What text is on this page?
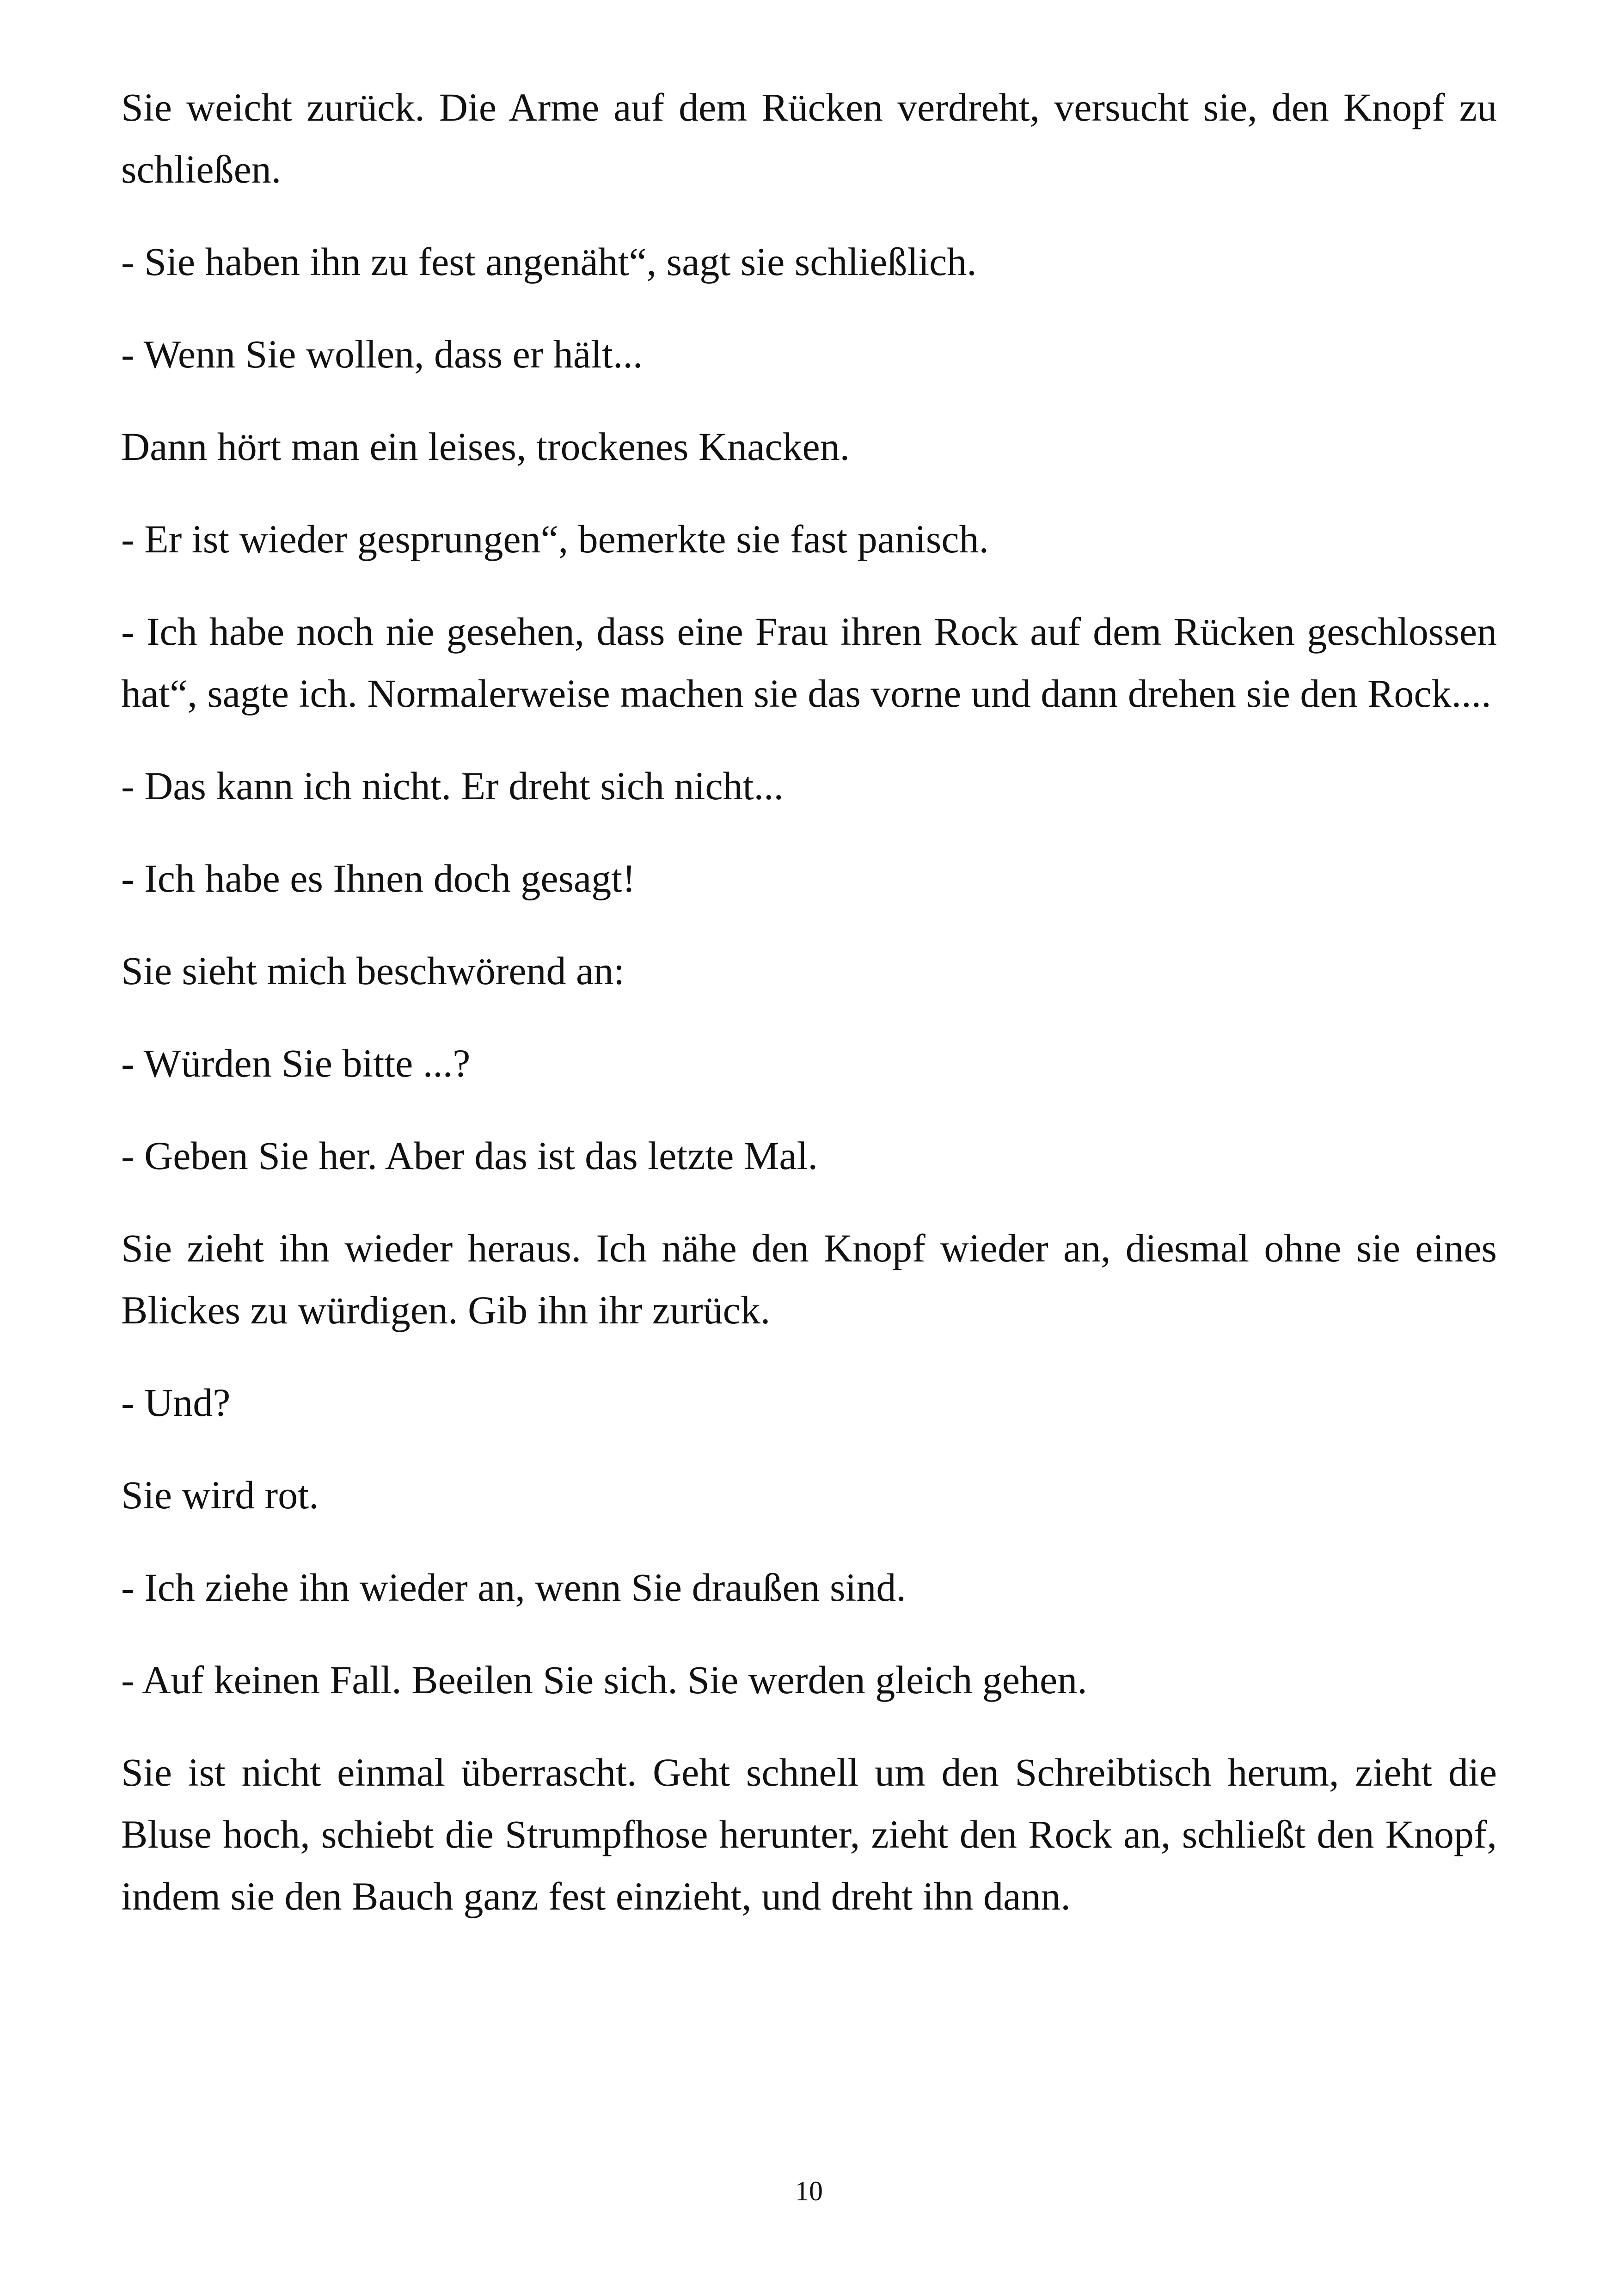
Sie weicht zurück. Die Arme auf dem Rücken verdreht, versucht sie, den Knopf zu schließen.

- Sie haben ihn zu fest angenäht“, sagt sie schließlich.

- Wenn Sie wollen, dass er hält...

Dann hört man ein leises, trockenes Knacken.

- Er ist wieder gesprungen“, bemerkte sie fast panisch.

- Ich habe noch nie gesehen, dass eine Frau ihren Rock auf dem Rücken geschlossen hat“, sagte ich. Normalerweise machen sie das vorne und dann drehen sie den Rock....

- Das kann ich nicht. Er dreht sich nicht...

- Ich habe es Ihnen doch gesagt!

Sie sieht mich beschwörend an:

- Würden Sie bitte ...?

- Geben Sie her. Aber das ist das letzte Mal.

Sie zieht ihn wieder heraus. Ich nähe den Knopf wieder an, diesmal ohne sie eines Blickes zu würdigen. Gib ihn ihr zurück.

- Und?

Sie wird rot.

- Ich ziehe ihn wieder an, wenn Sie draußen sind.

- Auf keinen Fall. Beeilen Sie sich. Sie werden gleich gehen.

Sie ist nicht einmal überrascht. Geht schnell um den Schreibtisch herum, zieht die Bluse hoch, schiebt die Strumpfhose herunter, zieht den Rock an, schließt den Knopf, indem sie den Bauch ganz fest einzieht, und dreht ihn dann.

10
